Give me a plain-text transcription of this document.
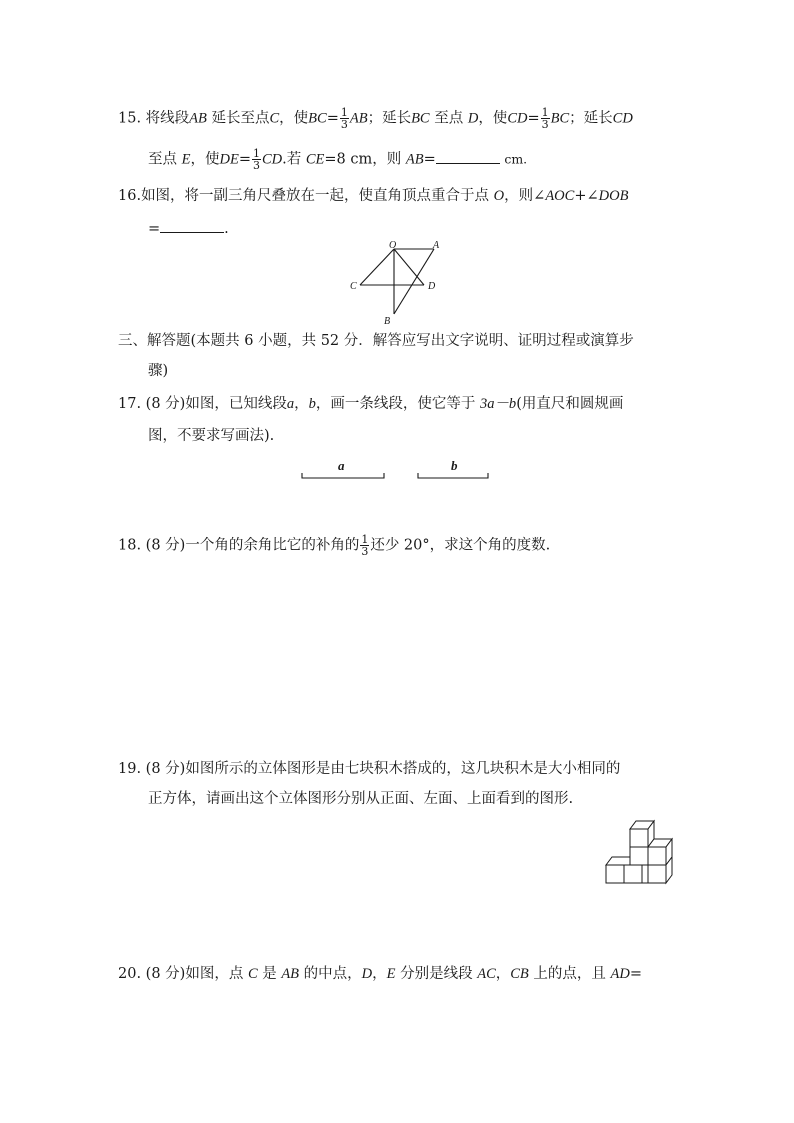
15. 将线段AB 延长至点C，使$BC= \frac{1}{3}$ AB；延长BC 至点 D，使$CD= \frac{1}{3}$ BC；延长CD
至点 E，使$DE= \frac{1}{3}$ CD.若 CE=8 cm，则 AB=	cm.
16.如图，将一副三角尺叠放在一起，使直角顶点重合于点 O，则∠AOC+∠DOB
=	.
O	A
C	D
B
三、解答题(本题共 6 小题，共 52 分．解答应写出文字说明、证明过程或演算步
骤)
17. (8 分)如图，已知线段a，b，画一条线段，使它等于 3a－b(用直尺和圆规画
图，不要求写画法).
a	b
18. (8 分)一个角的余角比它的补角的 $\frac{1}{3}$ 还少 20°，求这个角的度数.
19. (8 分)如图所示的立体图形是由七块积木搭成的，这几块积木是大小相同的
正方体，请画出这个立体图形分别从正面、左面、上面看到的图形.
20. (8 分)如图，点 C 是 AB 的中点，D，E 分别是线段 AC，CB 上的点，且 AD=
